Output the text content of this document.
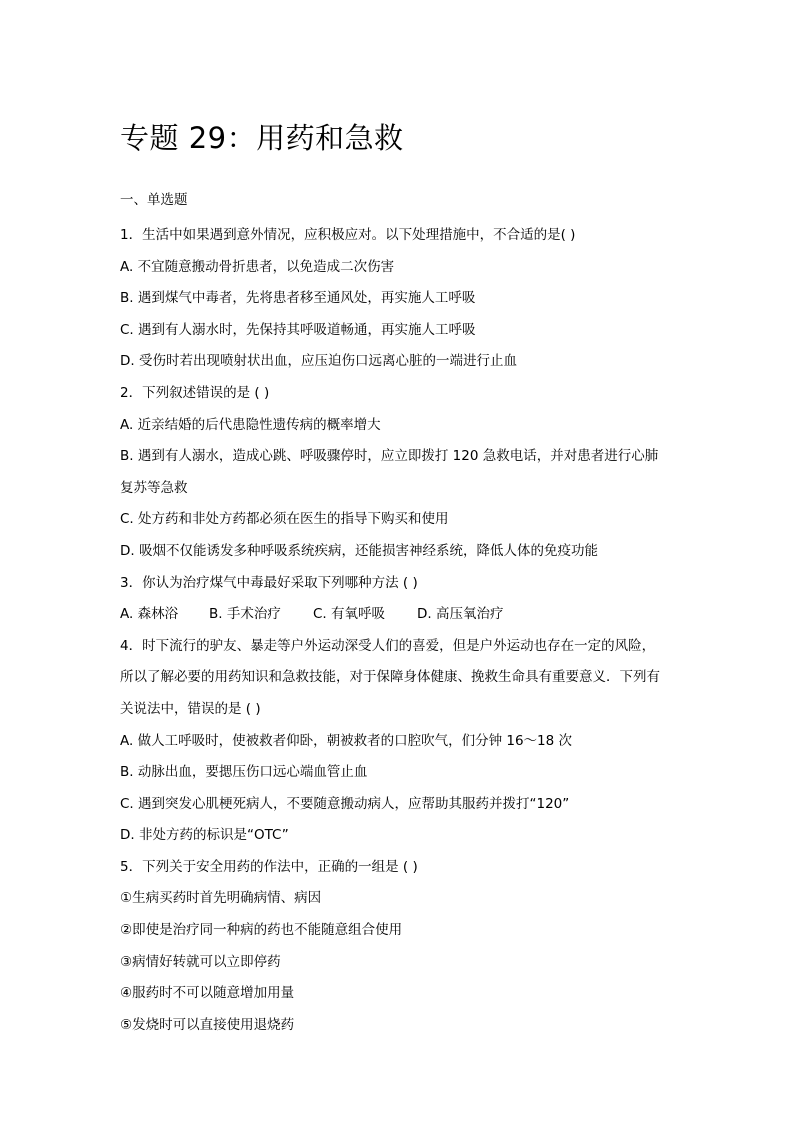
专题 29：用药和急救
一、单选题
1．生活中如果遇到意外情况，应积极应对。以下处理措施中，不合适的是( )
A. 不宜随意搬动骨折患者，以免造成二次伤害
B. 遇到煤气中毒者，先将患者移至通风处，再实施人工呼吸
C. 遇到有人溺水时，先保持其呼吸道畅通，再实施人工呼吸
D. 受伤时若出现喷射状出血，应压迫伤口远离心脏的一端进行止血
2．下列叙述错误的是 ( )
A. 近亲结婚的后代患隐性遗传病的概率增大
B. 遇到有人溺水，造成心跳、呼吸骤停时，应立即拨打 120 急救电话，并对患者进行心肺
复苏等急救
C. 处方药和非处方药都必须在医生的指导下购买和使用
D. 吸烟不仅能诱发多种呼吸系统疾病，还能损害神经系统，降低人体的免疫功能
3．你认为治疗煤气中毒最好采取下列哪种方法 ( )
A. 森林浴	B. 手术治疗	C. 有氧呼吸	D. 高压氧治疗
4．时下流行的驴友、暴走等户外运动深受人们的喜爱，但是户外运动也存在一定的风险，
所以了解必要的用药知识和急救技能，对于保障身体健康、挽救生命具有重要意义．下列有
关说法中，错误的是 ( )
A. 做人工呼吸时，使被救者仰卧，朝被救者的口腔吹气，们分钟 16～18 次
B. 动脉出血，要揌压伤口远心端血管止血
C. 遇到突发心肌梗死病人，不要随意搬动病人，应帮助其服药并拨打“120”
D. 非处方药的标识是“OTC”
5．下列关于安全用药的作法中，正确的一组是 ( )
①生病买药时首先明确病情、病因
②即使是治疗同一种病的药也不能随意组合使用
③病情好转就可以立即停药
④服药时不可以随意增加用量
⑤发烧时可以直接使用退烧药
